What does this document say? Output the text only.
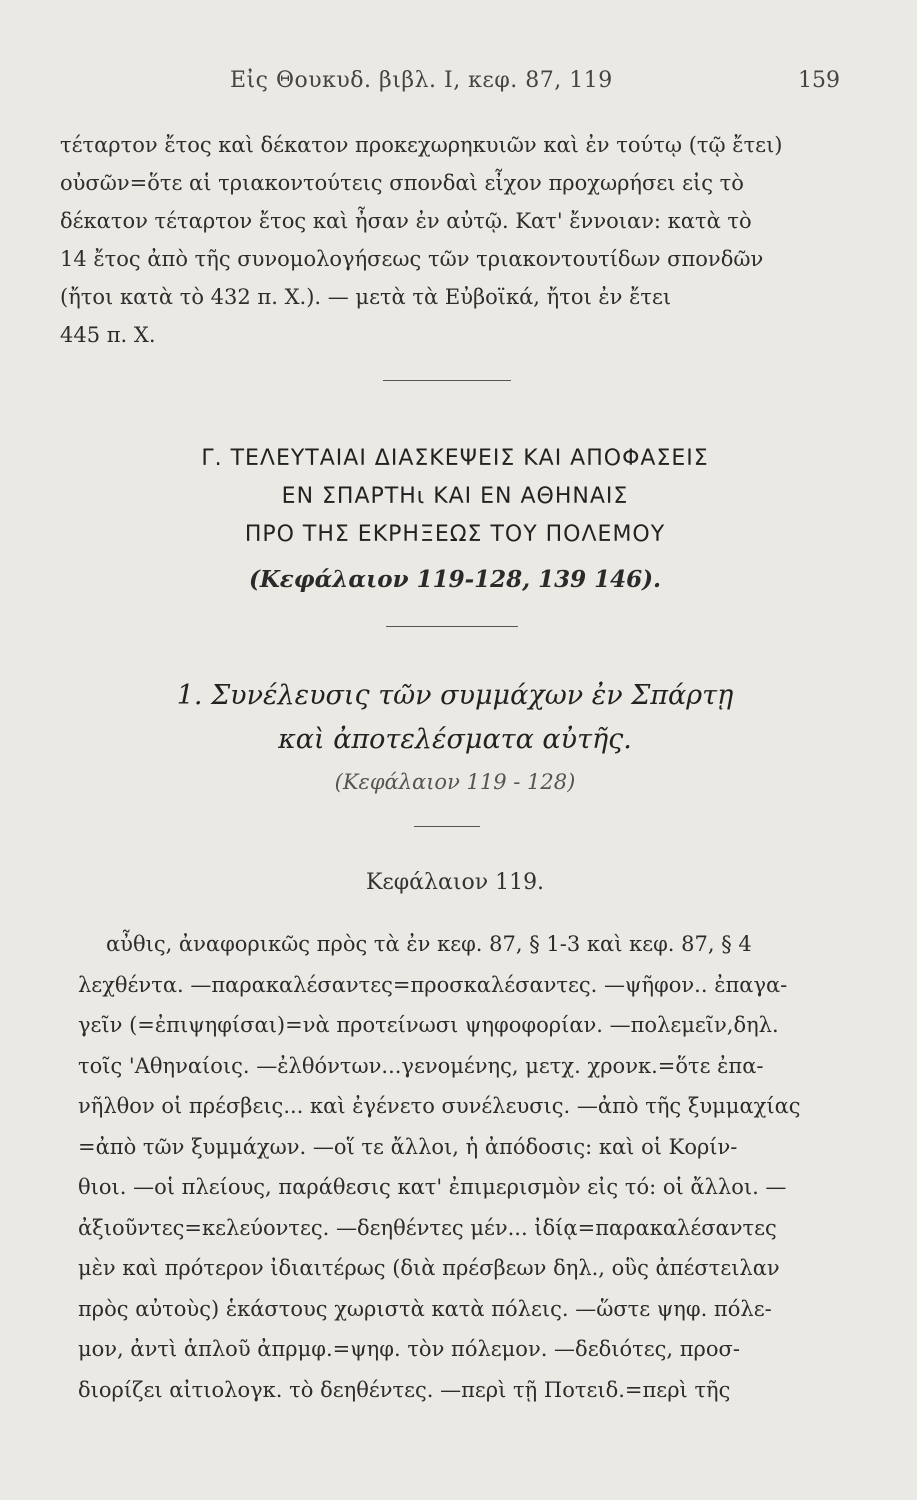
Εἰς Θουκυδ. βιβλ. Ι, κεφ. 87, 119	159
τέταρτον ἔτος καὶ δέκατον προκεχωρηκυιῶν καὶ ἐν τούτῳ (τῷ ἔτει)
οὐσῶν=ὅτε αἱ τριακοντούτεις σπονδαὶ εἶχον προχωρήσει εἰς τὸ
δέκατον τέταρτον ἔτος καὶ ἦσαν ἐν αὐτῷ. Κατ' ἔννοιαν: κατὰ τὸ
14 ἔτος ἀπὸ τῆς συνομολογήσεως τῶν τριακοντουτίδων σπονδῶν
(ἤτοι κατὰ τὸ 432 π. Χ.). — μετὰ τὰ Εὐβοϊκά, ἤτοι ἐν ἔτει
445 π. Χ.
Γ. ΤΕΛΕΥΤΑΙΑΙ ΔΙΑΣΚΕΨΕΙΣ ΚΑΙ ΑΠΟΦΑΣΕΙΣ
ΕΝ ΣΠΑΡΤΗι ΚΑΙ ΕΝ ΑΘΗΝΑΙΣ
ΠΡΟ ΤΗΣ ΕΚΡΗΞΕΩΣ ΤΟΥ ΠΟΛΕΜΟΥ
(Κεφάλαιον 119-128, 139 146).
1. Συνέλευσις τῶν συμμάχων ἐν Σπάρτῃ
καὶ ἀποτελέσματα αὐτῆς.
(Κεφάλαιον 119 - 128)
Κεφάλαιον 119.
αὖθις, ἀναφορικῶς πρὸς τὰ ἐν κεφ. 87, § 1-3 καὶ κεφ. 87, § 4
λεχθέντα. —παρακαλέσαντες=προσκαλέσαντες. —ψῆφον.. ἐπαγα-
γεῖν (=ἐπιψηφίσαι)=νὰ προτείνωσι ψηφοφορίαν. —πολεμεῖν,δηλ.
τοῖς 'Αθηναίοις. —ἐλθόντων...γενομένης, μετχ. χρονκ.=ὅτε ἐπα-
νῆλθον οἱ πρέσβεις... καὶ ἐγένετο συνέλευσις. —ἀπὸ τῆς ξυμμαχίας
=ἀπὸ τῶν ξυμμάχων. —οἵ τε ἄλλοι, ἡ ἀπόδοσις: καὶ οἱ Κορίν-
θιοι. —οἱ πλείους, παράθεσις κατ' ἐπιμερισμὸν εἰς τό: οἱ ἄλλοι. —
ἀξιοῦντες=κελεύοντες. —δεηθέντες μέν... ἰδίᾳ=παρακαλέσαντες
μὲν καὶ πρότερον ἰδιαιτέρως (διὰ πρέσβεων δηλ., οὓς ἀπέστειλαν
πρὸς αὐτοὺς) ἑκάστους χωριστὰ κατὰ πόλεις. —ὥστε ψηφ. πόλε-
μον, ἀντὶ ἁπλοῦ ἀπρμφ.=ψηφ. τὸν πόλεμον. —δεδιότες, προσ-
διορίζει αἰτιολογκ. τὸ δεηθέντες. —περὶ τῇ Ποτειδ.=περὶ τῆς
